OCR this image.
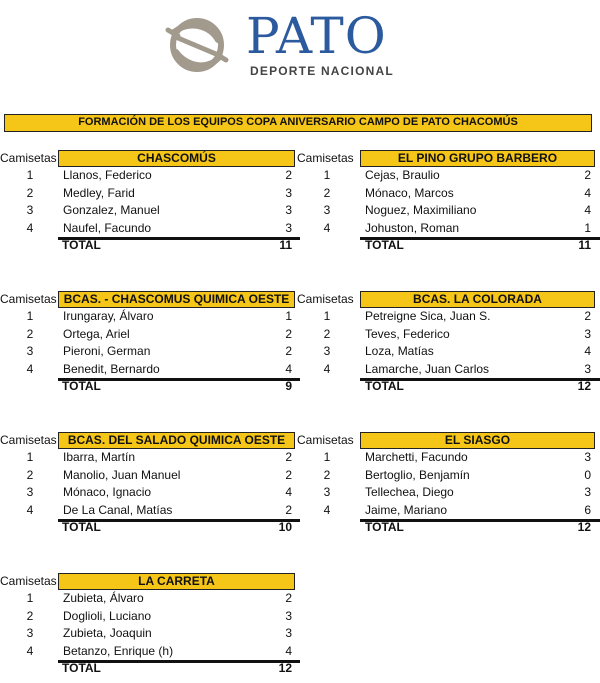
PATO
DEPORTE NACIONAL
FORMACIÓN DE LOS EQUIPOS COPA ANIVERSARIO CAMPO DE PATO CHACOMÚS
Camisetas	CHASCOMÚS
1 Llanos, Federico	2
2 Medley, Farid	3
3 Gonzalez, Manuel	3
4 Naufel, Facundo	3
TOTAL	11
Camisetas	EL PINO GRUPO BARBERO
1	Cejas, Braulio	2
2	Mónaco, Marcos	4
3	Noguez, Maximiliano	4
4	Johuston, Roman	1
TOTAL	11
Camisetas BCAS. - CHASCOMUS QUIMICA OESTE
1 Irungaray, Álvaro	1
2 Ortega, Ariel	2
3 Pieroni, German	2
4 Benedit, Bernardo	4
TOTAL	9
Camisetas	BCAS. LA COLORADA
1	Petreigne Sica, Juan S.	2
2	Teves, Federico	3
3	Loza, Matías	4
4	Lamarche, Juan Carlos	3
TOTAL	12
Camisetas BCAS. DEL SALADO QUIMICA OESTE
1 Ibarra, Martín	2
2 Manolio, Juan Manuel	2
3 Mónaco, Ignacio	4
4 De La Canal, Matías	2
TOTAL	10
Camisetas	EL SIASGO
1	Marchetti, Facundo	3
2	Bertoglio, Benjamín	0
3	Tellechea, Diego	3
4	Jaime, Mariano	6
TOTAL	12
Camisetas	LA CARRETA
1 Zubieta, Álvaro	2
2 Doglioli, Luciano	3
3 Zubieta, Joaquin	3
4 Betanzo, Enrique (h)	4
TOTAL	12
